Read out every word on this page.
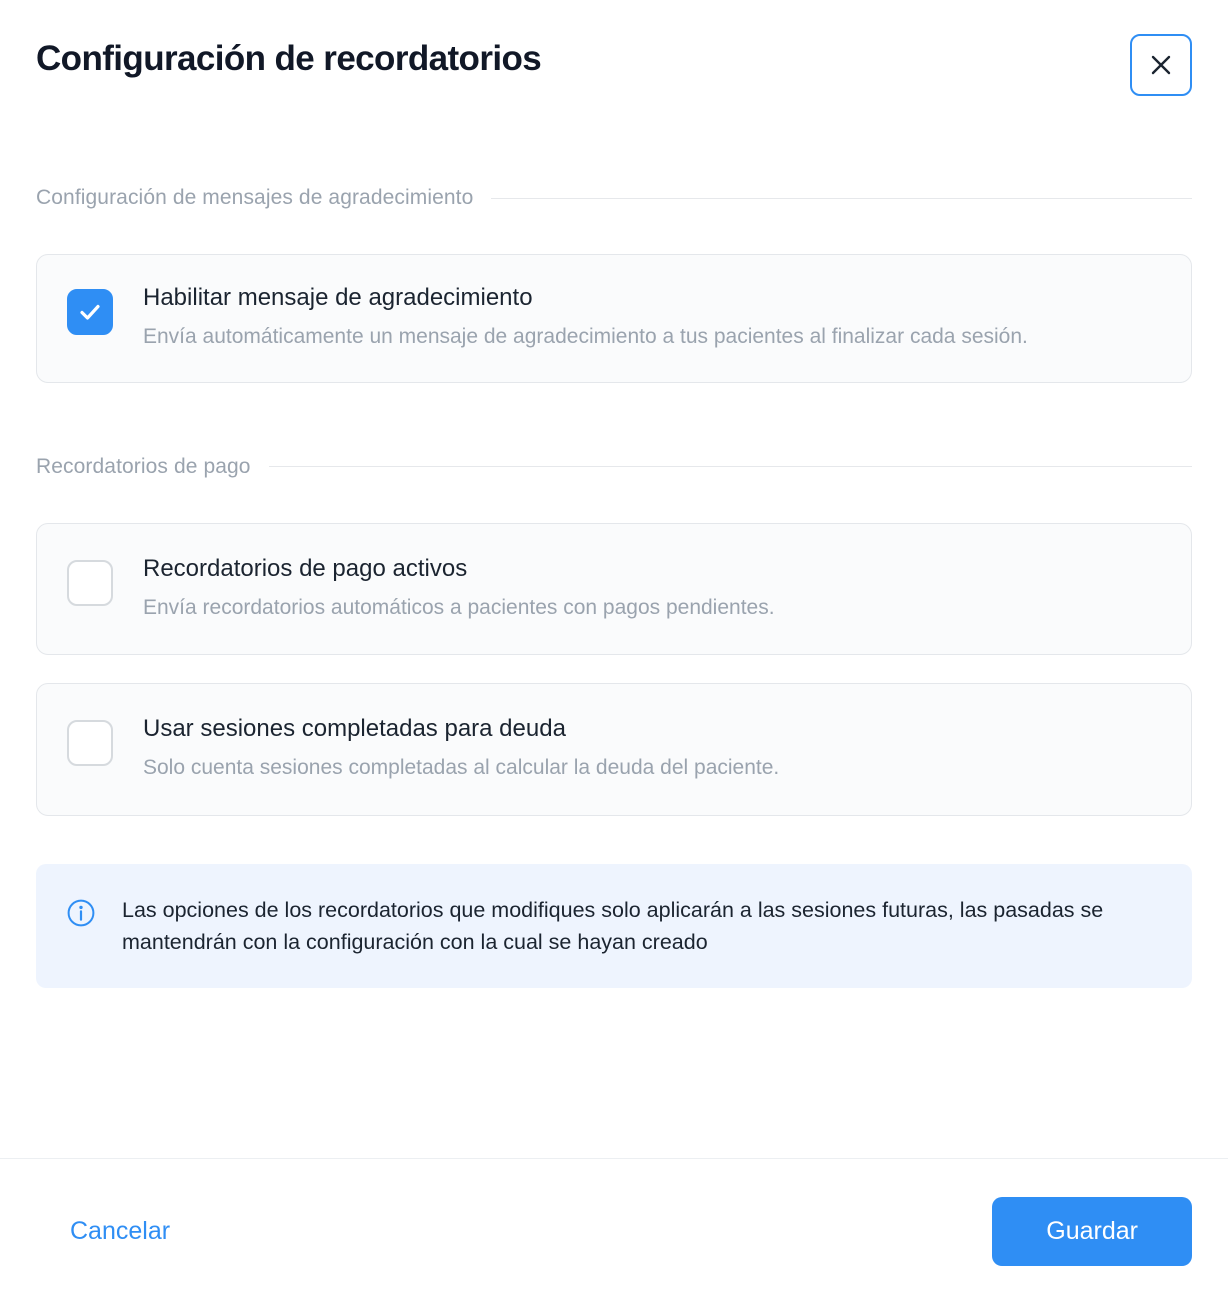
Configuración de recordatorios
Configuración de mensajes de agradecimiento

Habilitar mensaje de agradecimiento

Envía automáticamente un mensaje de agradecimiento a tus pacientes al finalizar cada sesión.

Recordatorios de pago

Recordatorios de pago activos

Envía recordatorios automáticos a pacientes con pagos pendientes.

Usar sesiones completadas para deuda

Solo cuenta sesiones completadas al calcular la deuda del paciente.

Las opciones de los recordatorios que modifiques solo aplicarán a las sesiones futuras, las pasadas se mantendrán con la configuración con la cual se hayan creado

Cancelar	Guardar
